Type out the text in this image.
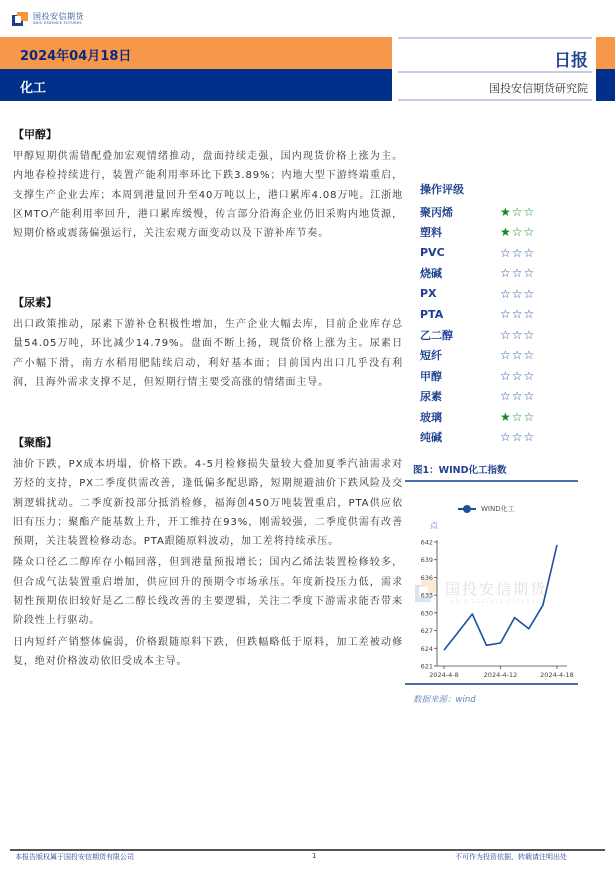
国投安信期货
SDIC ESSENCE FUTURES
2024年04月18日
化工
日报
国投安信期货研究院
【甲醇】

甲醇短期供需错配叠加宏观情绪推动，盘面持续走强，国内现货价格上涨为主。内地春检持续进行，装置产能利用率环比下跌3.89%；内地大型下游终端重启，支撑生产企业去库；本周到港量回升至40万吨以上，港口累库4.08万吨。江浙地区MTO产能利用率回升，港口累库缓慢，传言部分沿海企业仍旧采购内地货源，短期价格或震荡偏强运行，关注宏观方面变动以及下游补库节奏。

【尿素】

出口政策推动，尿素下游补仓积极性增加，生产企业大幅去库，目前企业库存总量54.05万吨，环比减少14.79%。盘面不断上扬，现货价格上涨为主。尿素日产小幅下滑，南方水稻用肥陆续启动，利好基本面；目前国内出口几乎没有利润，且海外需求支撑不足，但短期行情主要受高涨的情绪面主导。

【聚酯】

油价下跌，PX成本坍塌，价格下跌。4-5月检修损失量较大叠加夏季汽油需求对芳烃的支持，PX二季度供需改善，逢低偏多配思路，短期规避油价下跌风险及交割逻辑扰动。二季度新投部分抵消检修，福海创450万吨装置重启，PTA供应依旧有压力；聚酯产能基数上升，开工维持在93%，刚需较强，二季度供需有改善预期，关注装置检修动态。PTA跟随原料波动，加工差将持续承压。

隆众口径乙二醇库存小幅回落，但到港量预报增长；国内乙烯法装置检修较多，但合成气法装置重启增加，供应回升的预期令市场承压。年度新投压力低，需求韧性预期依旧较好是乙二醇长线改善的主要逻辑，关注二季度下游需求能否带来阶段性上行驱动。

日内短纤产销整体偏弱，价格跟随原料下跌，但跌幅略低于原料，加工差被动修复，绝对价格波动依旧受成本主导。

操作评级
聚丙烯	★ ☆ ☆
塑料	★ ☆ ☆
PVC	☆ ☆ ☆
烧碱	☆ ☆ ☆
PX	☆ ☆ ☆
PTA	☆ ☆ ☆
乙二醇	☆ ☆ ☆
短纤	☆ ☆ ☆
甲醇	☆ ☆ ☆
尿素	☆ ☆ ☆
玻璃	★ ☆ ☆
纯碱	☆ ☆ ☆
图1：WIND化工指数
WIND化工
点
国投安信期货
SDIC ESSENCE FUTURES
621
624
627
630
633
636
639
642
2024-4-8	2024-4-12	2024-4-18
数据来源：wind
本报告版权属于国投安信期货有限公司	1	不可作为投资依据，转载请注明出处
